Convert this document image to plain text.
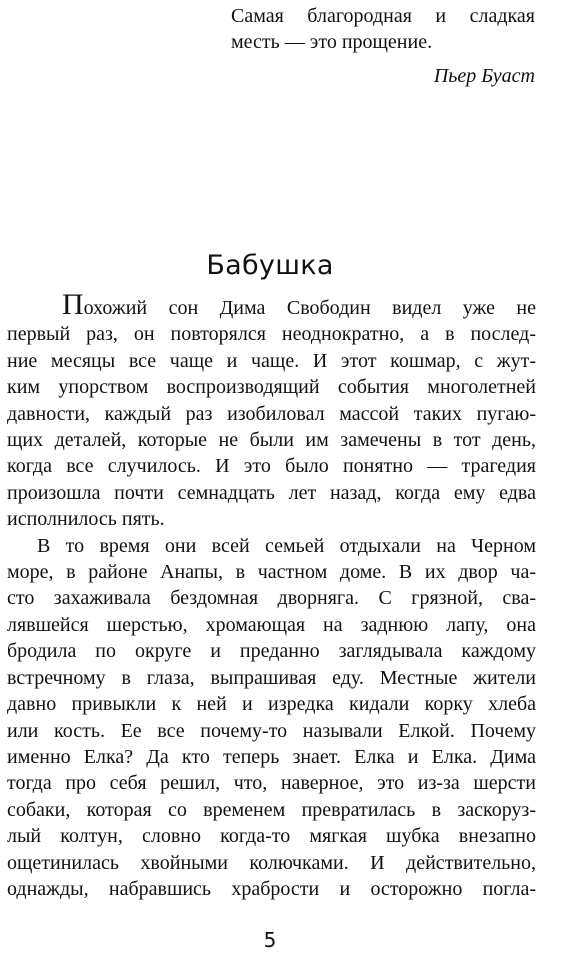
Самая благородная и сладкая
месть — это прощение.
Пьер Буаст
Бабушка
Похожий сон Дима Свободин видел уже не
первый раз, он повторялся неоднократно, а в послед-
ние месяцы все чаще и чаще. И этот кошмар, с жут-
ким упорством воспроизводящий события многолетней
давности, каждый раз изобиловал массой таких пугаю-
щих деталей, которые не были им замечены в тот день,
когда все случилось. И это было понятно — трагедия
произошла почти семнадцать лет назад, когда ему едва
исполнилось пять.
В то время они всей семьей отдыхали на Черном
море, в районе Анапы, в частном доме. В их двор ча-
сто захаживала бездомная дворняга. С грязной, сва-
лявшейся шерстью, хромающая на заднюю лапу, она
бродила по округе и преданно заглядывала каждому
встречному в глаза, выпрашивая еду. Местные жители
давно привыкли к ней и изредка кидали корку хлеба
или кость. Ее все почему-то называли Елкой. Почему
именно Елка? Да кто теперь знает. Елка и Елка. Дима
тогда про себя решил, что, наверное, это из-за шерсти
собаки, которая со временем превратилась в заскоруз-
лый колтун, словно когда-то мягкая шубка внезапно
ощетинилась хвойными колючками. И действительно,
однажды, набравшись храбрости и осторожно погла-
5
